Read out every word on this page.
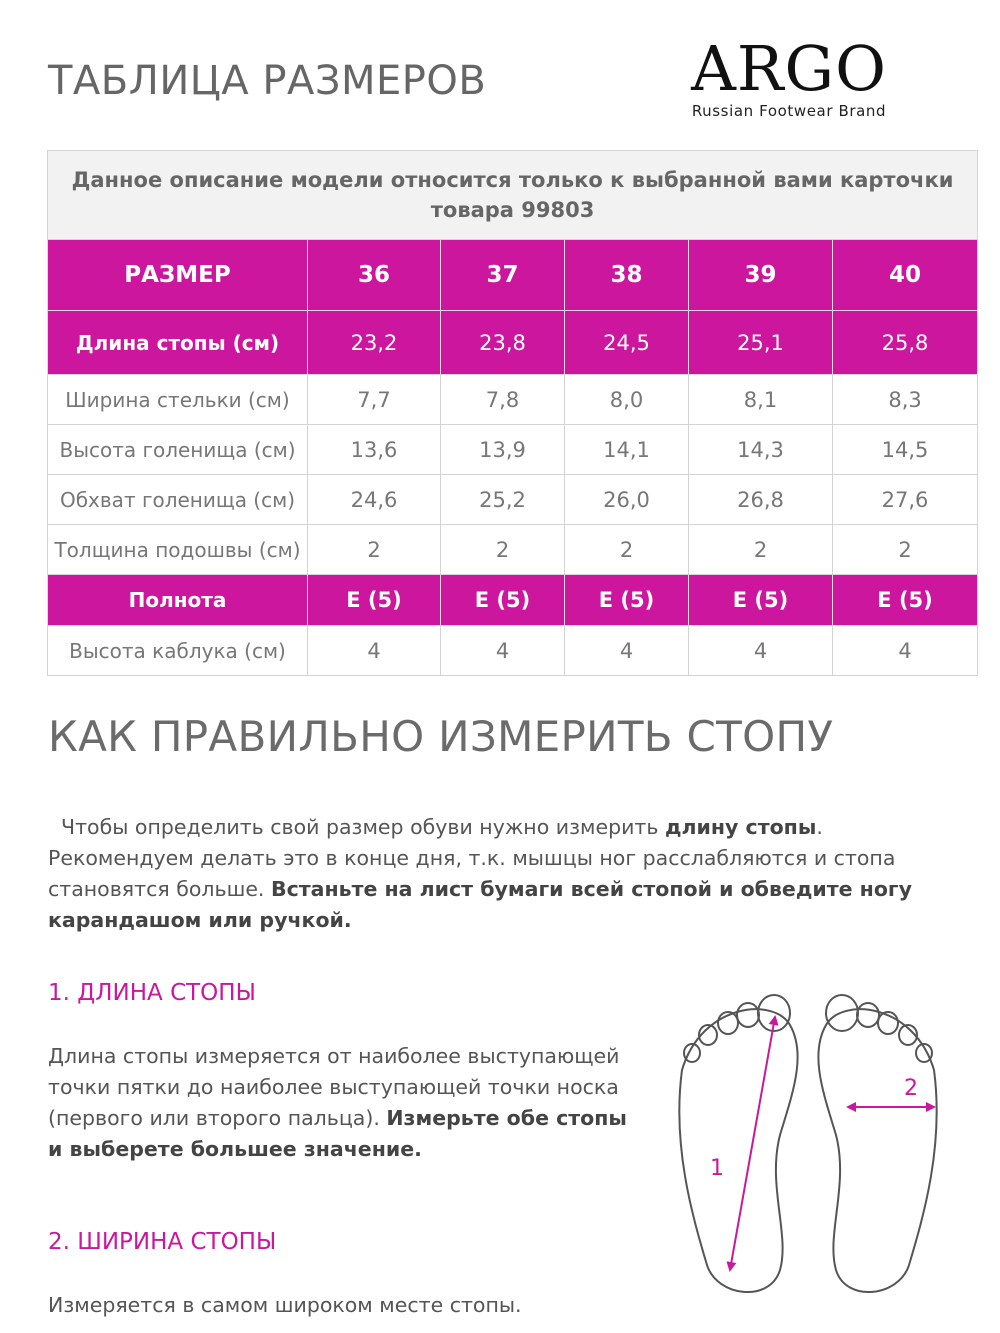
ТАБЛИЦА РАЗМЕРОВ	ARGO
Russian Footwear Brand
Данное описание модели относится только к выбранной вами карточки товара 99803					

РАЗМЕР	36	37	38	39	40
Длина стопы (см)	23,2	23,8	24,5	25,1	25,8
Ширина стельки (см)	7,7	7,8	8,0	8,1	8,3
Высота голенища (см)	13,6	13,9	14,1	14,3	14,5
Обхват голенища (см)	24,6	25,2	26,0	26,8	27,6
Толщина подошвы (см)	2	2	2	2	2
Полнота	E (5)	E (5)	E (5)	E (5)	E (5)
Высота каблука (см)	4	4	4	4	4
КАК ПРАВИЛЬНО ИЗМЕРИТЬ СТОПУ

Чтобы определить свой размер обуви нужно измерить длину стопы. Рекомендуем делать это в конце дня, т.к. мышцы ног расслабляются и стопа становятся больше. Встаньте на лист бумаги всей стопой и обведите ногу карандашом или ручкой.

1. ДЛИНА СТОПЫ

Длина стопы измеряется от наиболее выступающей точки пятки до наиболее выступающей точки носка (первого или второго пальца). Измерьте обе стопы и выберете большее значение.

2. ШИРИНА СТОПЫ

Измеряется в самом широком месте стопы.

1
2
